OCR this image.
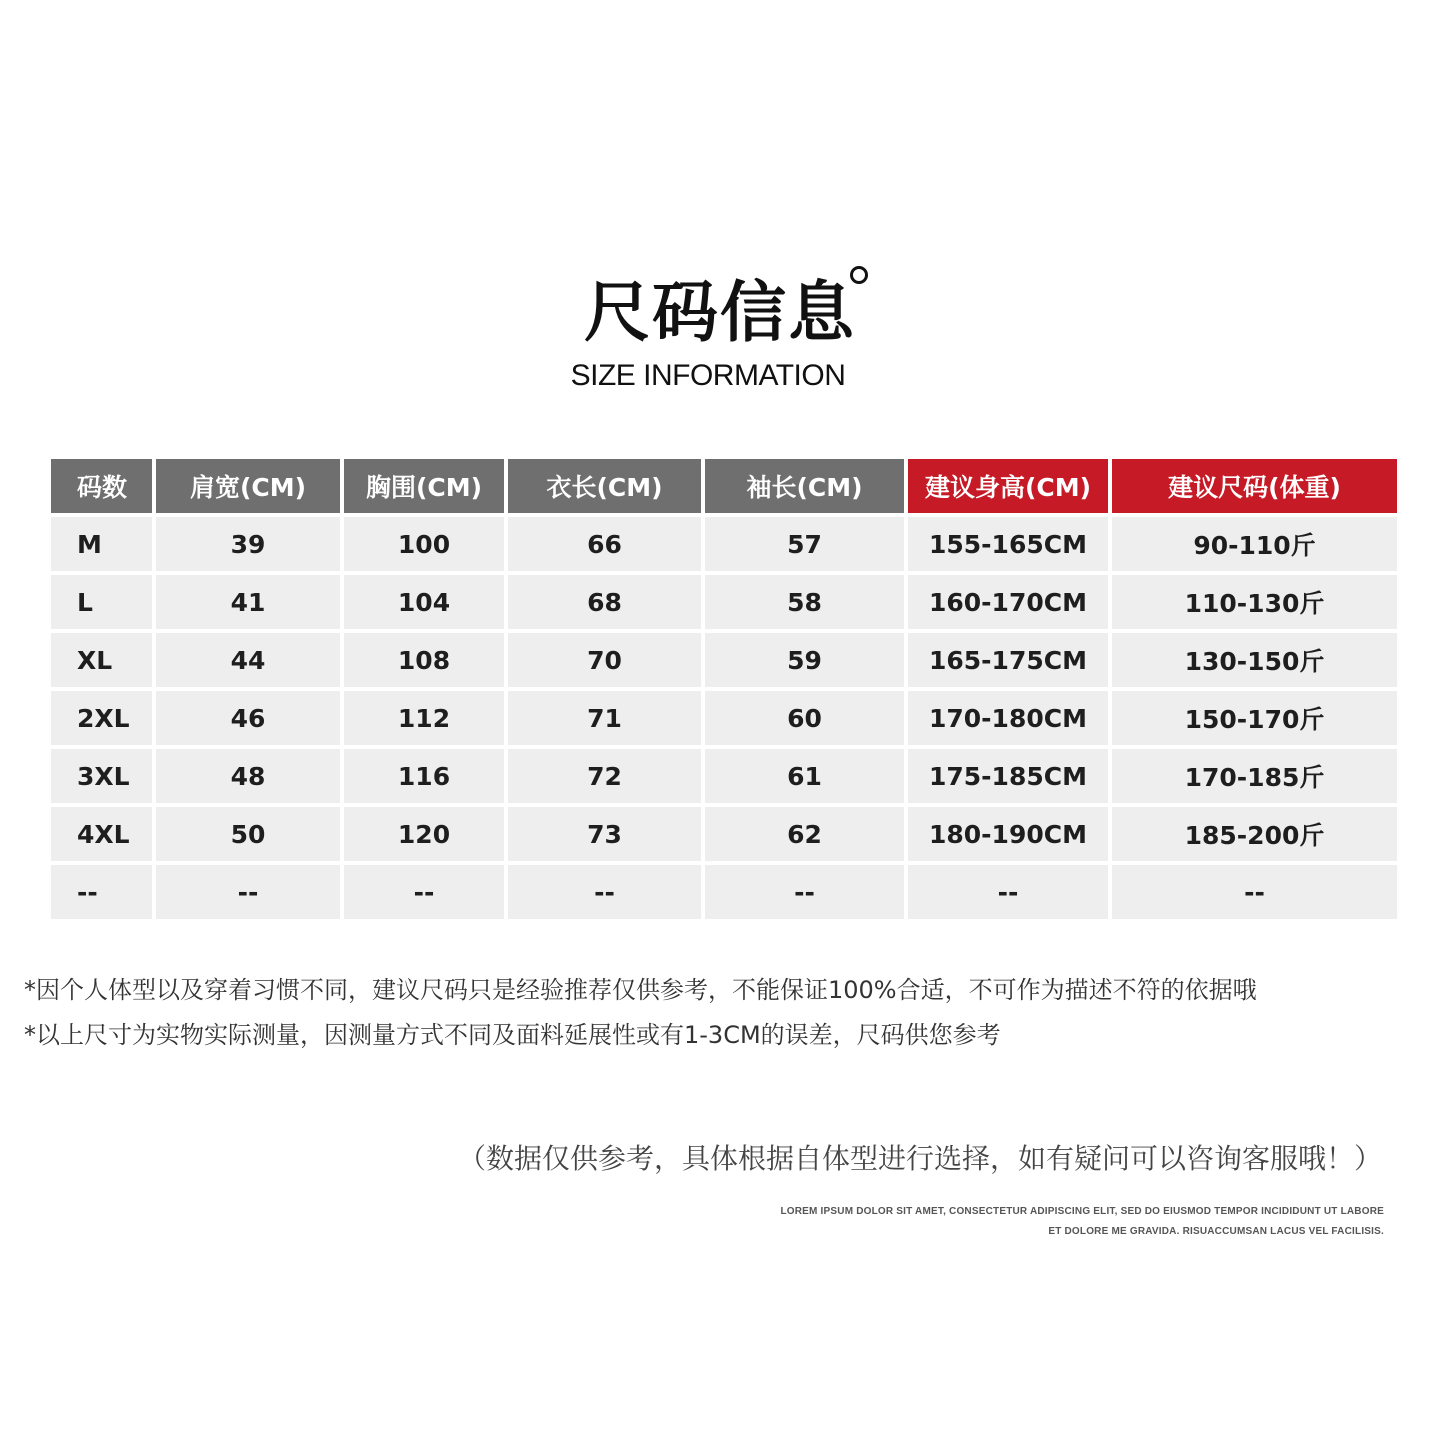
尺码信息
SIZE INFORMATION
码数	肩宽(CM)	胸围(CM)	衣长(CM)	袖长(CM)	建议身高(CM)	建议尺码(体重)
M	39	100	66	57	155-165CM	90-110斤
L	41	104	68	58	160-170CM	110-130斤
XL	44	108	70	59	165-175CM	130-150斤
2XL	46	112	71	60	170-180CM	150-170斤
3XL	48	116	72	61	175-185CM	170-185斤
4XL	50	120	73	62	180-190CM	185-200斤
--	--	--	--	--	--	--
*因个人体型以及穿着习惯不同，建议尺码只是经验推荐仅供参考，不能保证100%合适，不可作为描述不符的依据哦
*以上尺寸为实物实际测量，因测量方式不同及面料延展性或有1-3CM的误差，尺码供您参考
（数据仅供参考，具体根据自体型进行选择，如有疑问可以咨询客服哦！）
LOREM IPSUM DOLOR SIT AMET, CONSECTETUR ADIPISCING ELIT, SED DO EIUSMOD TEMPOR INCIDIDUNT UT LABORE
ET DOLORE ME GRAVIDA. RISUACCUMSAN LACUS VEL FACILISIS.
